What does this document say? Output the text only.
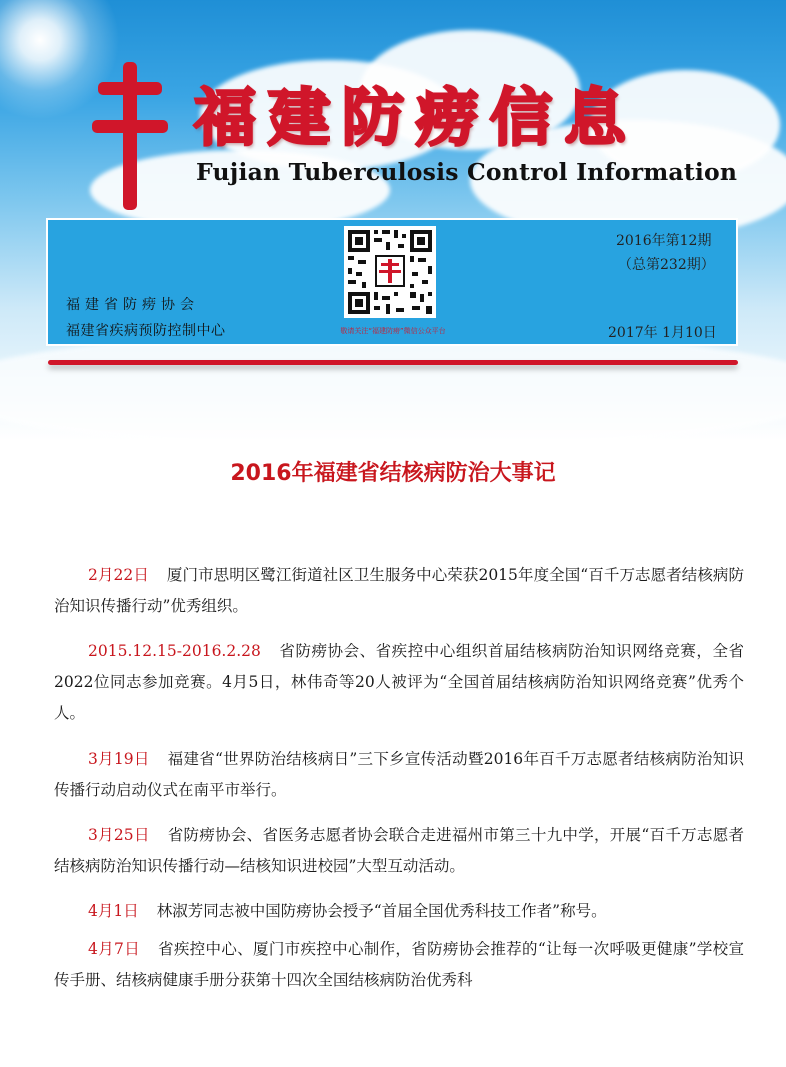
福建防痨信息
Fujian Tuberculosis Control Information
福建省防痨协会
福建省疾病预防控制中心	敬请关注“福建防痨”微信公众平台
2016年第12期
（总第232期）
2017年 1月10日
2016年福建省结核病防治大事记

2月22日 厦门市思明区鹭江街道社区卫生服务中心荣获2015年度全国“百千万志愿者结核病防治知识传播行动”优秀组织。

2015.12.15-2016.2.28 省防痨协会、省疾控中心组织首届结核病防治知识网络竞赛，全省2022位同志参加竞赛。4月5日，林伟奇等20人被评为“全国首届结核病防治知识网络竞赛”优秀个人。

3月19日 福建省“世界防治结核病日”三下乡宣传活动暨2016年百千万志愿者结核病防治知识传播行动启动仪式在南平市举行。

3月25日 省防痨协会、省医务志愿者协会联合走进福州市第三十九中学，开展“百千万志愿者结核病防治知识传播行动—结核知识进校园”大型互动活动。

4月1日 林淑芳同志被中国防痨协会授予“首届全国优秀科技工作者”称号。

4月7日 省疾控中心、厦门市疾控中心制作，省防痨协会推荐的“让每一次呼吸更健康”学校宣传手册、结核病健康手册分获第十四次全国结核病防治优秀科
